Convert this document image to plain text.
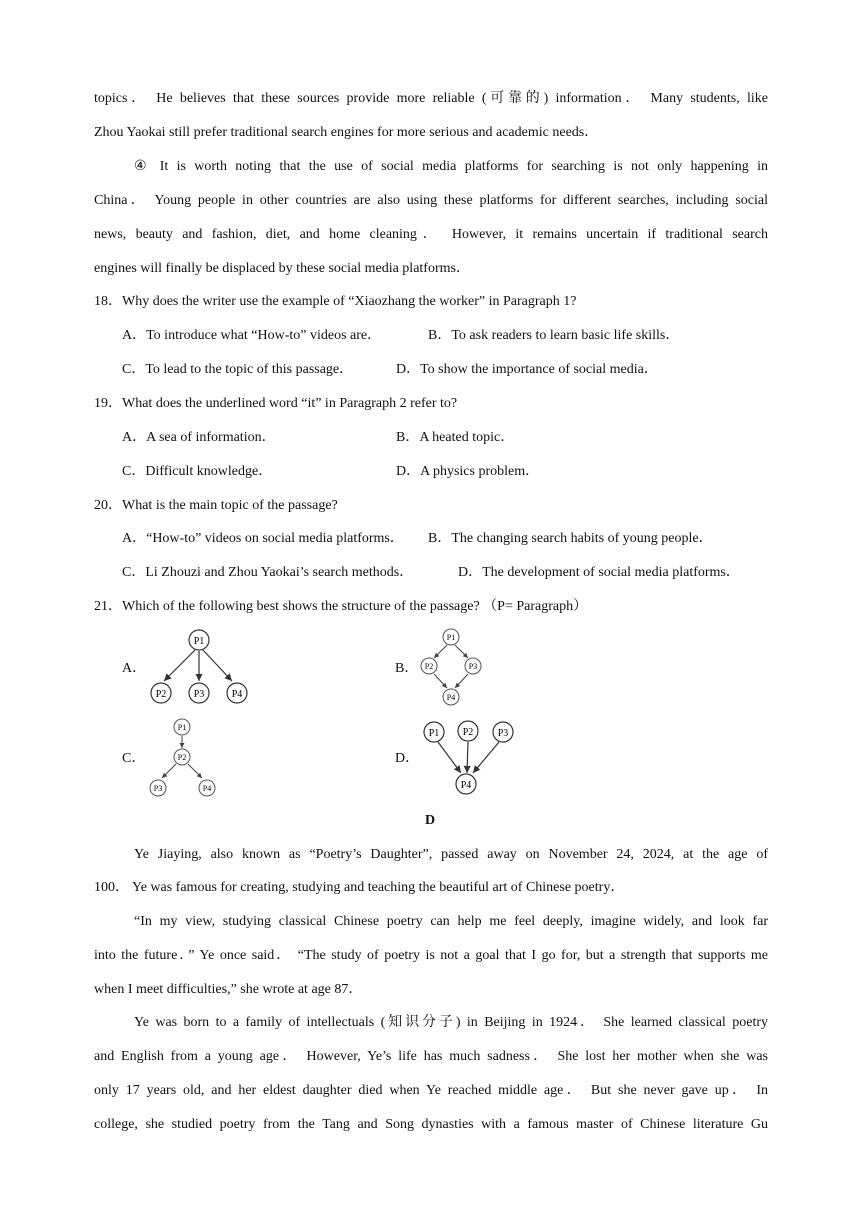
topics． He believes that these sources provide more reliable (可靠的) information． Many students, like
Zhou Yaokai still prefer traditional search engines for more serious and academic needs．
④ It is worth noting that the use of social media platforms for searching is not only happening in
China． Young people in other countries are also using these platforms for different searches, including social
news, beauty and fashion, diet, and home cleaning． However, it remains uncertain if traditional search
engines will finally be displaced by these social media platforms．
18．Why does the writer use the example of “Xiaozhang the worker” in Paragraph 1?
A．To introduce what “How-to” videos are．	B．To ask readers to learn basic life skills．
C．To lead to the topic of this passage．	D．To show the importance of social media．
19．What does the underlined word “it” in Paragraph 2 refer to?
A．A sea of information．	B．A heated topic．
C．Difficult knowledge．	D．A physics problem．
20．What is the main topic of the passage?
A．“How-to” videos on social media platforms． B．The changing search habits of young people．
C．Li Zhouzi and Zhou Yaokai’s search methods．	D．The development of social media platforms．
21．Which of the following best shows the structure of the passage? （P= Paragraph）
A．
P1
P2	P3	P4
B．
P1
P2	P3
P4
C．
P1
P2
P3	P4
D．
P1 P2 P3
P4
D
Ye Jiaying, also known as “Poetry’s Daughter”, passed away on November 24, 2024, at the age of
100． Ye was famous for creating, studying and teaching the beautiful art of Chinese poetry．
“In my view, studying classical Chinese poetry can help me feel deeply, imagine widely, and look far
into the future．” Ye once said． “The study of poetry is not a goal that I go for, but a strength that supports me
when I meet difficulties,” she wrote at age 87．
Ye was born to a family of intellectuals (知识分子) in Beijing in 1924． She learned classical poetry
and English from a young age． However, Ye’s life has much sadness． She lost her mother when she was
only 17 years old, and her eldest daughter died when Ye reached middle age． But she never gave up． In
college, she studied poetry from the Tang and Song dynasties with a famous master of Chinese literature Gu
